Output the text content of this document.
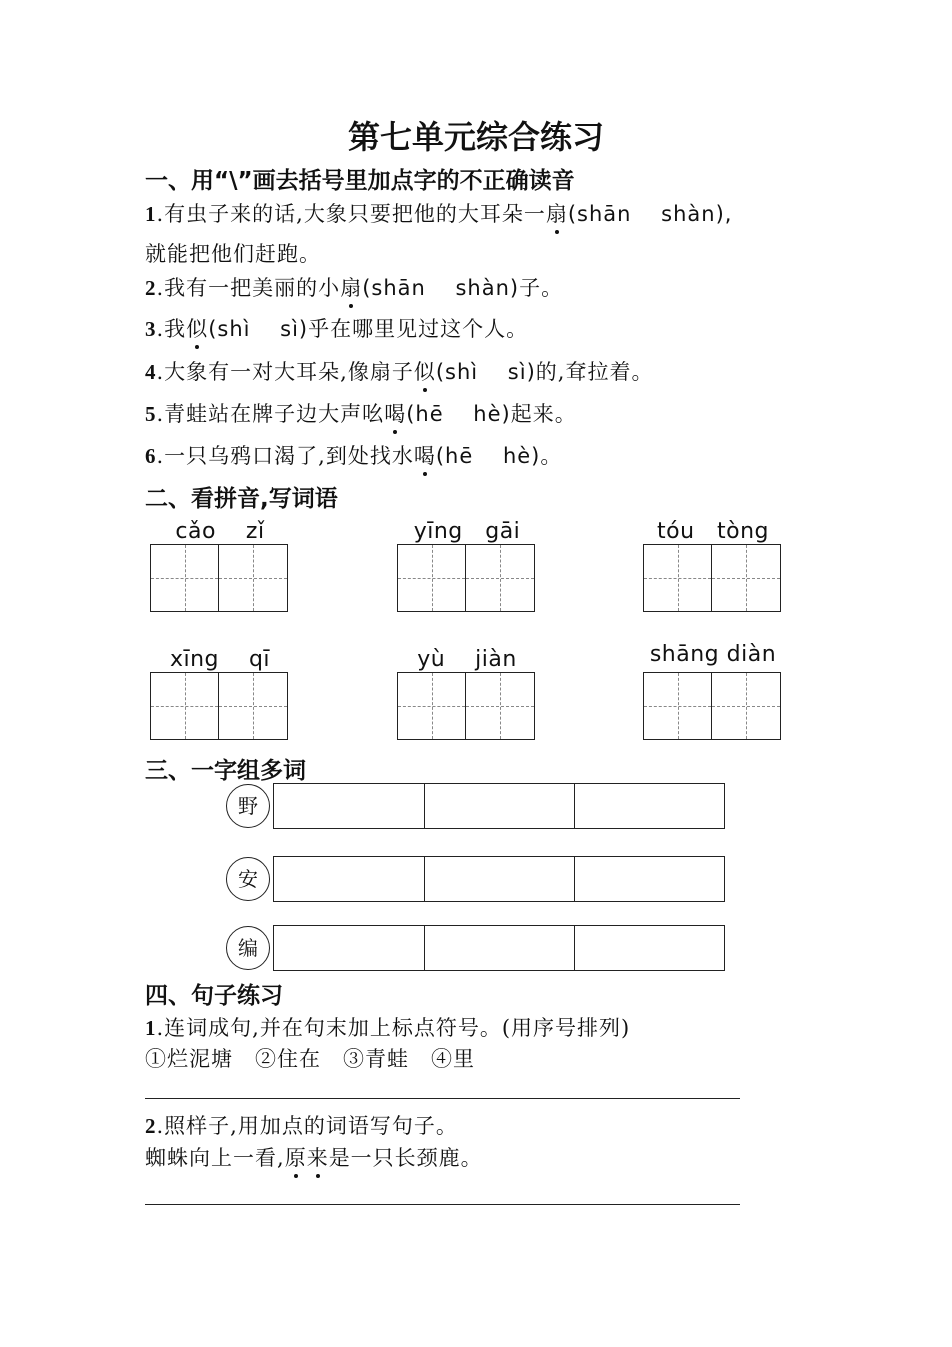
第七单元综合练习
一、用“\”画去括号里加点字的不正确读音
1.有虫子来的话,大象只要把他的大耳朵一扇(shān　 shàn),
就能把他们赶跑。
2.我有一把美丽的小扇(shān　 shàn)子。
3.我似(shì　 sì)乎在哪里见过这个人。
4.大象有一对大耳朵,像扇子似(shì　 sì)的,耷拉着。
5.青蛙站在牌子边大声吆喝(hē　 hè)起来。
6.一只乌鸦口渴了,到处找水喝(hē　 hè)。
二、看拼音,写词语
cǎo　 zǐ	yīng　gāi	tóu　tòng
xīng　 qī	yù　 jiàn	shāng diàn
三、一字组多词
野
安
编
四、句子练习
1.连词成句,并在句末加上标点符号。(用序号排列)
①烂泥塘　②住在　③青蛙　④里
2.照样子,用加点的词语写句子。
蜘蛛向上一看,原来是一只长颈鹿。
